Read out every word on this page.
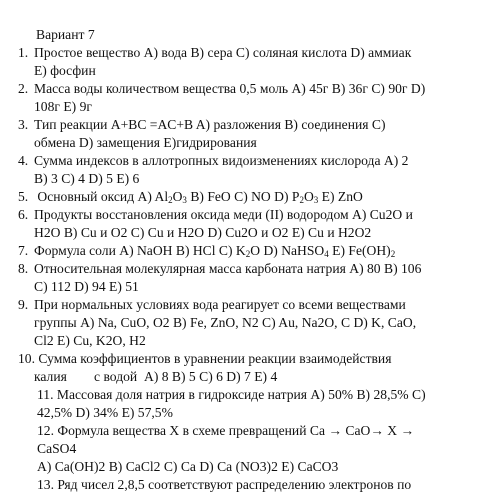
Вариант 7
1. Простое вещество A) вода B) сера C) соляная кислота D) аммиак
E) фосфин
2. Масса воды количеством вещества 0,5 моль A) 45г B) 36г C) 90г D)
108г E) 9г
3. Тип реакции A+BC =AC+B A) разложения B) соединения C)
обмена D) замещения E)гидрирования
4. Сумма индексов в аллотропных видоизменениях кислорода A) 2
B) 3 C) 4 D) 5 E) 6
5. Основный оксид A) $Al_2O_3$ B) FeO C) NO D) $P_2O_3$ E) ZnO
6. Продукты восстановления оксида меди (II) водородом A) Cu2O и
H2O B) Cu и O2 C) Cu и H2O D) Cu2O и O2 E) Cu и H2O2
7. Формула соли A) NaOH B) HCl C) $K_2O$ D) NaHSO$_4$ E) $Fe(OH)_2$
8. Относительная молекулярная масса карбоната натрия A) 80 B) 106
C) 112 D) 94 E) 51
9. При нормальных условиях вода реагирует со всеми веществами
группы A) Na, CuO, O2 B) Fe, ZnO, N2 C) Au, Na2O, C D) K, CaO,
Cl2 E) Cu, K2O, H2
10. Сумма коэффициентов в уравнении реакции взаимодействия
калия        с водой  A) 8 B) 5 C) 6 D) 7 E) 4
11. Массовая доля натрия в гидроксиде натрия A) 50% B) 28,5% C)
42,5% D) 34% E) 57,5%
12. Формула вещества X в схеме превращений Ca → CaO→ X →
CaSO4
A) Ca(OH)2 B) CaCl2 C) Ca D) Ca (NO3)2 E) CaCO3
13. Ряд чисел 2,8,5 соответствуют распределению электронов по
